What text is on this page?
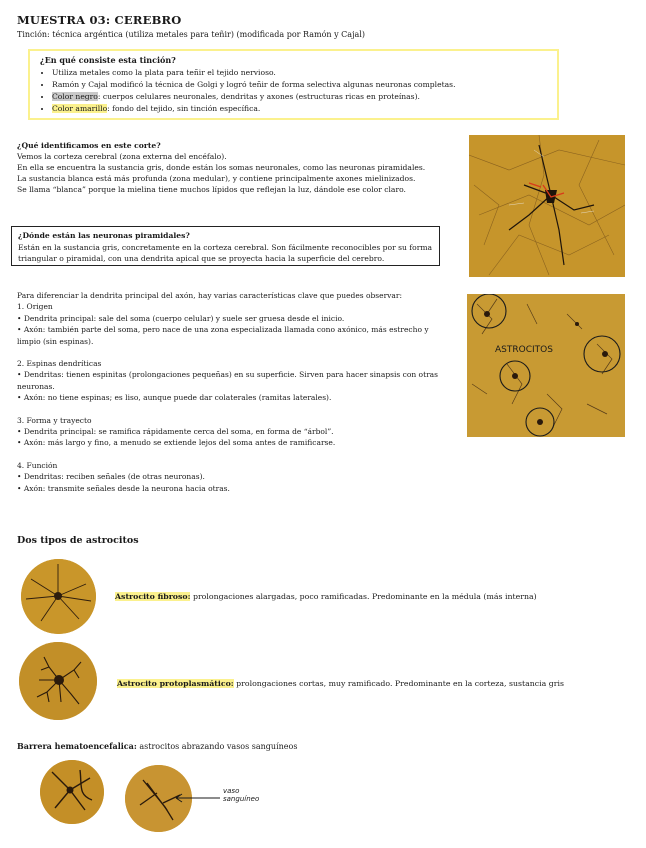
MUESTRA 03: CEREBRO
Tinción: técnica argéntica (utiliza metales para teñir) (modificada por Ramón y Cajal)
¿En qué consiste esta tinción?
• Utiliza metales como la plata para teñir el tejido nervioso.
• Ramón y Cajal modificó la técnica de Golgi y logró teñir de forma selectiva algunas neuronas completas.
• Color negro: cuerpos celulares neuronales, dendritas y axones (estructuras ricas en proteínas).
• Color amarillo: fondo del tejido, sin tinción específica.
¿Qué identificamos en este corte?
Vemos la corteza cerebral (zona externa del encéfalo).
En ella se encuentra la sustancia gris, donde están los somas neuronales, como las neuronas piramidales.
La sustancia blanca está más profunda (zona medular), y contiene principalmente axones mielinizados.
Se llama “blanca” porque la mielina tiene muchos lípidos que reflejan la luz, dándole ese color claro.
¿Dónde están las neuronas piramidales?
Están en la sustancia gris, concretamente en la corteza cerebral. Son fácilmente reconocibles por su forma triangular o piramidal, con una dendrita apical que se proyecta hacia la superficie del cerebro.

Para diferenciar la dendrita principal del axón, hay varias características clave que puedes observar:

1. Origen

• Dendrita principal: sale del soma (cuerpo celular) y suele ser gruesa desde el inicio.

• Axón: también parte del soma, pero nace de una zona especializada llamada cono axónico, más estrecho y limpio (sin espinas).

2. Espinas dendríticas

• Dendritas: tienen espinitas (prolongaciones pequeñas) en su superficie. Sirven para hacer sinapsis con otras neuronas.

• Axón: no tiene espinas; es liso, aunque puede dar colaterales (ramitas laterales).

3. Forma y trayecto

• Dendrita principal: se ramifica rápidamente cerca del soma, en forma de “árbol”.

• Axón: más largo y fino, a menudo se extiende lejos del soma antes de ramificarse.

4. Función

• Dendritas: reciben señales (de otras neuronas).

• Axón: transmite señales desde la neurona hacia otras.

ASTROCITOS
Dos tipos de astrocitos
Astrocito fibroso: prolongaciones alargadas, poco ramificadas. Predominante en la médula (más interna)
Astrocito protoplasmático: prolongaciones cortas, muy ramificado. Predominante en la corteza, sustancia gris
Barrera hematoencefalica: astrocitos abrazando vasos sanguíneos
vaso
sanguíneo
